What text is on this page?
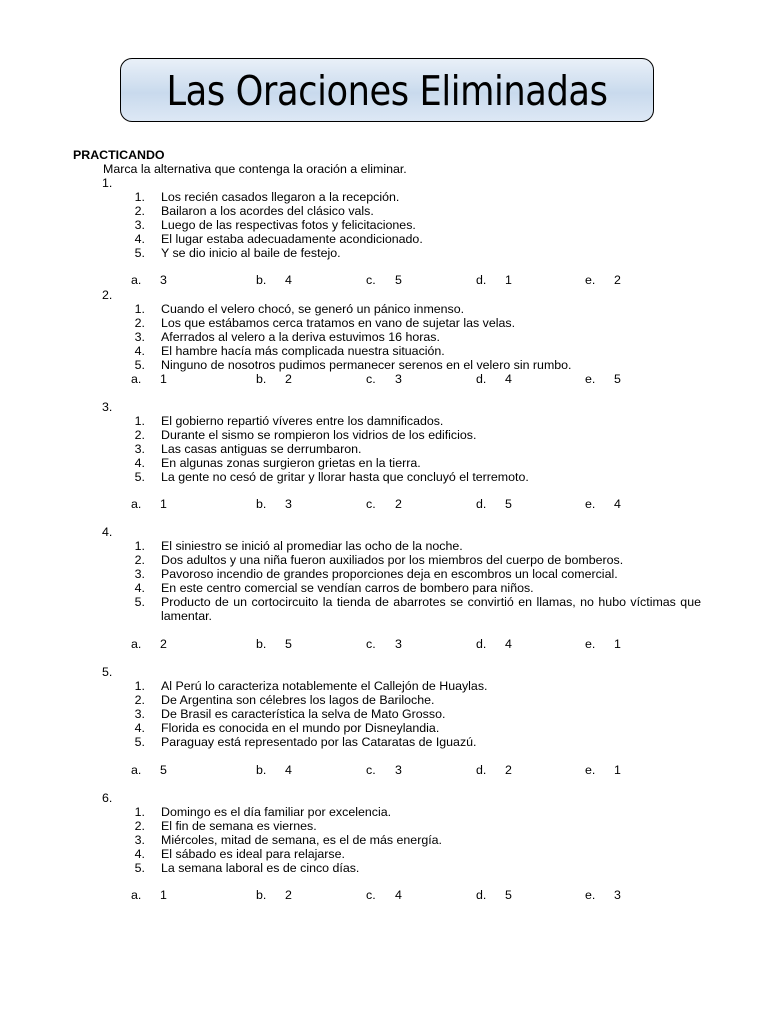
Las Oraciones Eliminadas
PRACTICANDO
Marca la alternativa que contenga la oración a eliminar.
1.
1. Los recién casados llegaron a la recepción.
2. Bailaron a los acordes del clásico vals.
3. Luego de las respectivas fotos y felicitaciones.
4. El lugar estaba adecuadamente acondicionado.
5. Y se dio inicio al baile de festejo.
a. 3	b. 4	c. 5	d. 1	e. 2
2.
1. Cuando el velero chocó, se generó un pánico inmenso.
2. Los que estábamos cerca tratamos en vano de sujetar las velas.
3. Aferrados al velero a la deriva estuvimos 16 horas.
4. El hambre hacía más complicada nuestra situación.
5. Ninguno de nosotros pudimos permanecer serenos en el velero sin rumbo.
a. 1	b. 2	c. 3	d. 4	e. 5
3.
1. El gobierno repartió víveres entre los damnificados.
2. Durante el sismo se rompieron los vidrios de los edificios.
3. Las casas antiguas se derrumbaron.
4. En algunas zonas surgieron grietas en la tierra.
5. La gente no cesó de gritar y llorar hasta que concluyó el terremoto.
a. 1	b. 3	c. 2	d. 5	e. 4
4.
1. El siniestro se inició al promediar las ocho de la noche.
2. Dos adultos y una niña fueron auxiliados por los miembros del cuerpo de bomberos.
3. Pavoroso incendio de grandes proporciones deja en escombros un local comercial.
4. En este centro comercial se vendían carros de bombero para niños.
5. Producto de un cortocircuito la tienda de abarrotes se convirtió en llamas, no hubo víctimas que lamentar.
a. 2	b. 5	c. 3	d. 4	e. 1
5.
1. Al Perú lo caracteriza notablemente el Callejón de Huaylas.
2. De Argentina son célebres los lagos de Bariloche.
3. De Brasil es característica la selva de Mato Grosso.
4. Florida es conocida en el mundo por Disneylandia.
5. Paraguay está representado por las Cataratas de Iguazú.
a. 5	b. 4	c. 3	d. 2	e. 1
6.
1. Domingo es el día familiar por excelencia.
2. El fin de semana es viernes.
3. Miércoles, mitad de semana, es el de más energía.
4. El sábado es ideal para relajarse.
5. La semana laboral es de cinco días.
a. 1	b. 2	c. 4	d. 5	e. 3
